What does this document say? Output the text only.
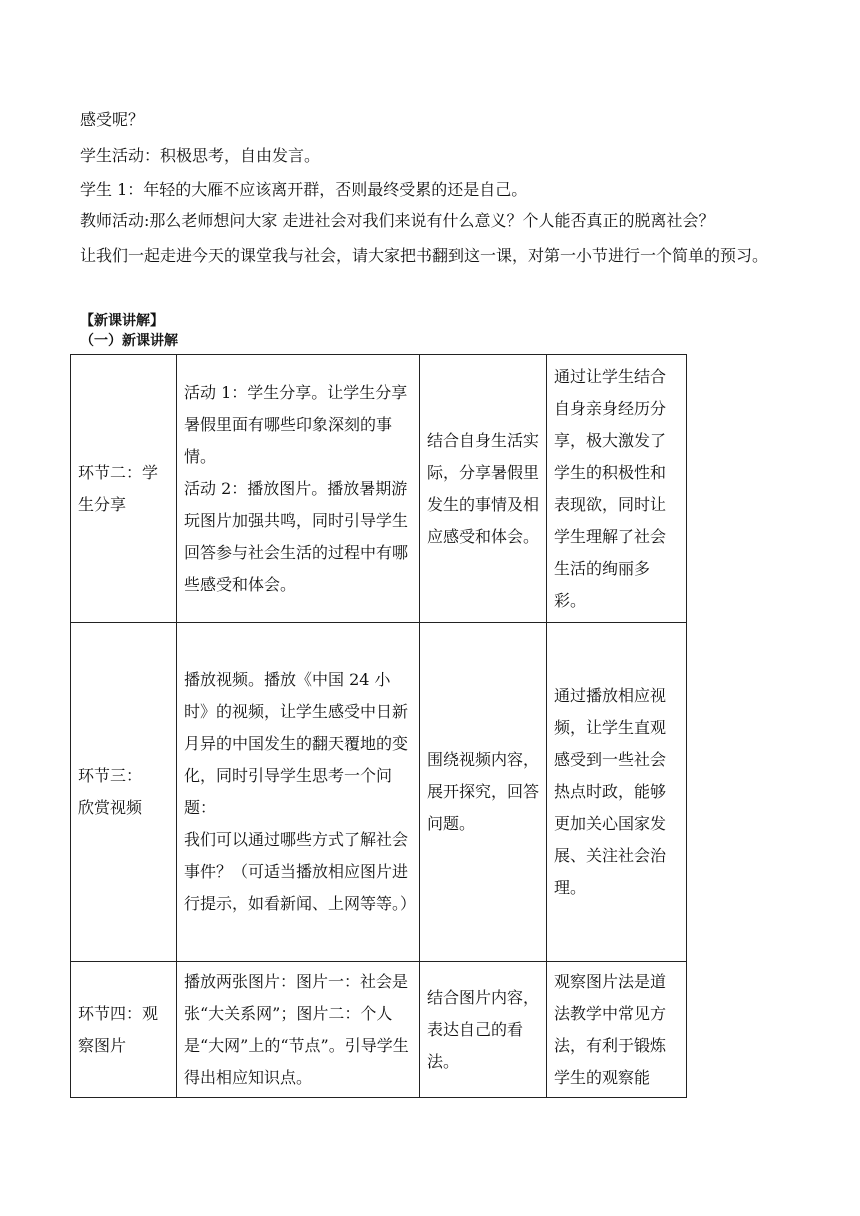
感受呢？
学生活动：积极思考，自由发言。
学生 1：年轻的大雁不应该离开群，否则最终受累的还是自己。
教师活动:那么老师想问大家 走进社会对我们来说有什么意义？个人能否真正的脱离社会？
让我们一起走进今天的课堂我与社会，请大家把书翻到这一课，对第一小节进行一个简单的预习。
【新课讲解】
（一）新课讲解
环节二：学生分享	活动 1：学生分享。让学生分享暑假里面有哪些印象深刻的事情。
活动 2：播放图片。播放暑期游玩图片加强共鸣，同时引导学生回答参与社会生活的过程中有哪些感受和体会。	结合自身生活实际，分享暑假里发生的事情及相应感受和体会。	通过让学生结合自身亲身经历分享，极大激发了学生的积极性和表现欲，同时让学生理解了社会生活的绚丽多彩。
环节三：
欣赏视频	播放视频。播放《中国 24 小时》的视频，让学生感受中日新月异的中国发生的翻天覆地的变化，同时引导学生思考一个问题：
我们可以通过哪些方式了解社会事件？（可适当播放相应图片进行提示，如看新闻、上网等等。）	围绕视频内容，展开探究，回答问题。	通过播放相应视频，让学生直观感受到一些社会热点时政，能够更加关心国家发展、关注社会治理。
环节四：观察图片	播放两张图片：图片一：社会是张“大关系网”；图片二：个人是“大网”上的“节点”。引导学生得出相应知识点。	结合图片内容，表达自己的看法。	观察图片法是道法教学中常见方法，有利于锻炼学生的观察能
